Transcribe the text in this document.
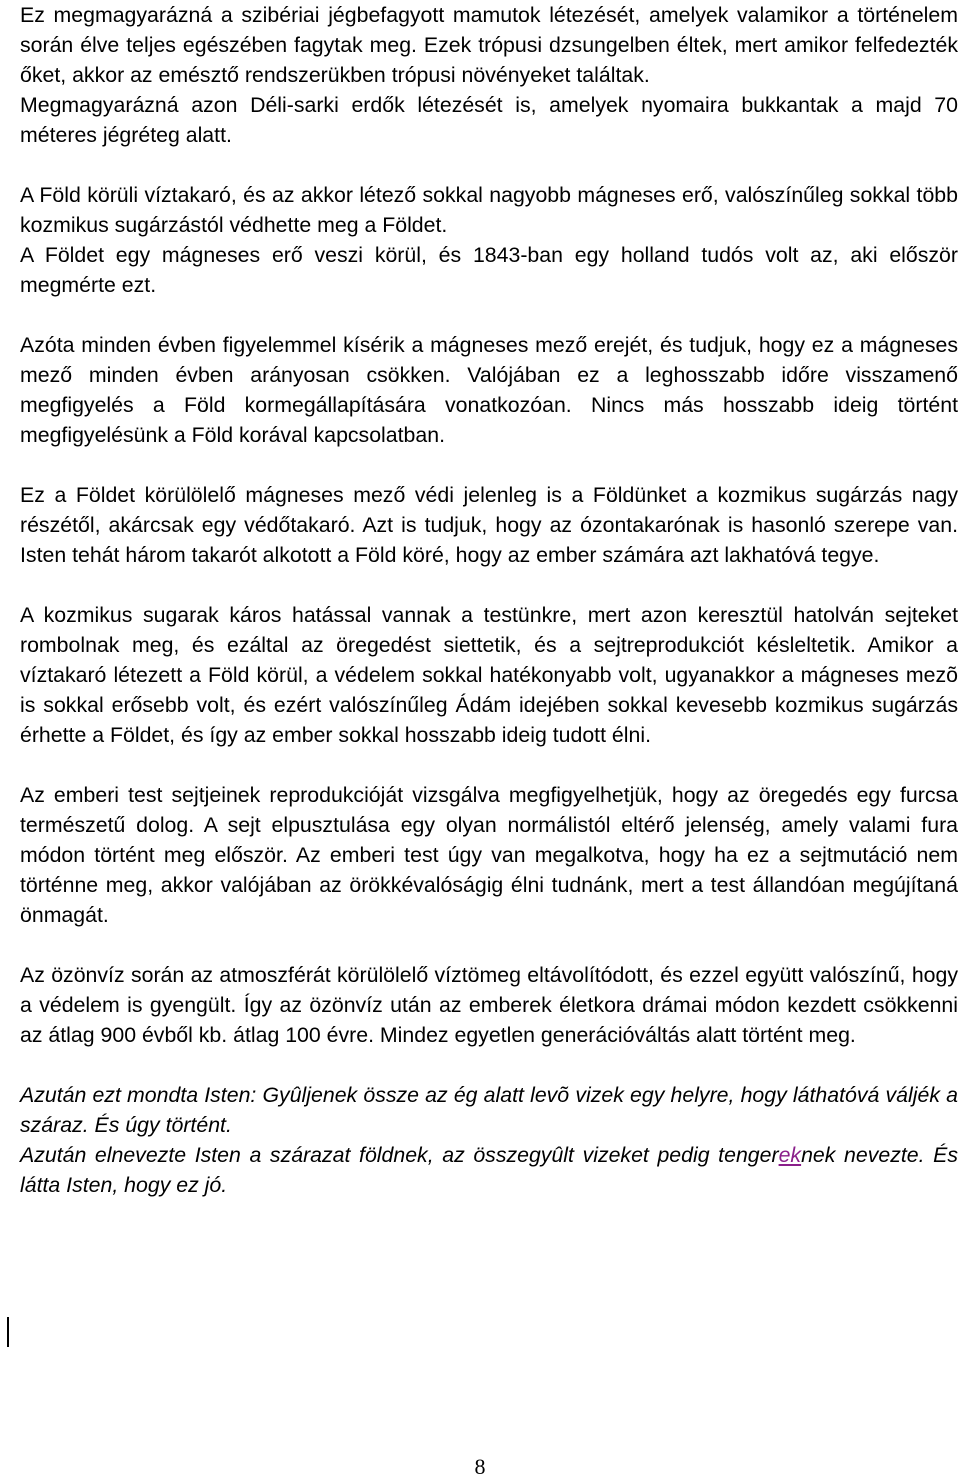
Ez megmagyarázná a szibériai jégbefagyott mamutok létezését, amelyek valamikor a történelem során élve teljes egészében fagytak meg. Ezek trópusi dzsungelben éltek, mert amikor felfedezték őket, akkor az emésztő rendszerükben trópusi növényeket találtak.

Megmagyarázná azon Déli-sarki erdők létezését is, amelyek nyomaira bukkantak a majd 70 méteres jégréteg alatt.

A Föld körüli víztakaró, és az akkor létező sokkal nagyobb mágneses erő, valószínűleg sokkal több kozmikus sugárzástól védhette meg a Földet.

A Földet egy mágneses erő veszi körül, és 1843-ban egy holland tudós volt az, aki először megmérte ezt.

Azóta minden évben figyelemmel kísérik a mágneses mező erejét, és tudjuk, hogy ez a mágneses mező minden évben arányosan csökken. Valójában ez a leghosszabb időre visszamenő megfigyelés a Föld kormegállapítására vonatkozóan. Nincs más hosszabb ideig történt megfigyelésünk a Föld korával kapcsolatban.

Ez a Földet körülölelő mágneses mező védi jelenleg is a Földünket a kozmikus sugárzás nagy részétől, akárcsak egy védőtakaró. Azt is tudjuk, hogy az ózontakarónak is hasonló szerepe van. Isten tehát három takarót alkotott a Föld köré, hogy az ember számára azt lakhatóvá tegye.

A kozmikus sugarak káros hatással vannak a testünkre, mert azon keresztül hatolván sejteket rombolnak meg, és ezáltal az öregedést siettetik, és a sejtreprodukciót késleltetik. Amikor a víztakaró létezett a Föld körül, a védelem sokkal hatékonyabb volt, ugyanakkor a mágneses mezõ is sokkal erősebb volt, és ezért valószínűleg Ádám idejében sokkal kevesebb kozmikus sugárzás érhette a Földet, és így az ember sokkal hosszabb ideig tudott élni.

Az emberi test sejtjeinek reprodukcióját vizsgálva megfigyelhetjük, hogy az öregedés egy furcsa természetű dolog. A sejt elpusztulása egy olyan normálistól eltérő jelenség, amely valami fura módon történt meg először. Az emberi test úgy van megalkotva, hogy ha ez a sejtmutáció nem történne meg, akkor valójában az örökkévalóságig élni tudnánk, mert a test állandóan megújítaná önmagát.

Az özönvíz során az atmoszférát körülölelő víztömeg eltávolítódott, és ezzel együtt valószínű, hogy a védelem is gyengült. Így az özönvíz után az emberek életkora drámai módon kezdett csökkenni az átlag 900 évből kb. átlag 100 évre. Mindez egyetlen generációváltás alatt történt meg.

Azután ezt mondta Isten: Gyûljenek össze az ég alatt levõ vizek egy helyre, hogy láthatóvá váljék a száraz. És úgy történt.

Azután elnevezte Isten a szárazat földnek, az összegyûlt vizeket pedig tengereknek nevezte. És látta Isten, hogy ez jó.

8
